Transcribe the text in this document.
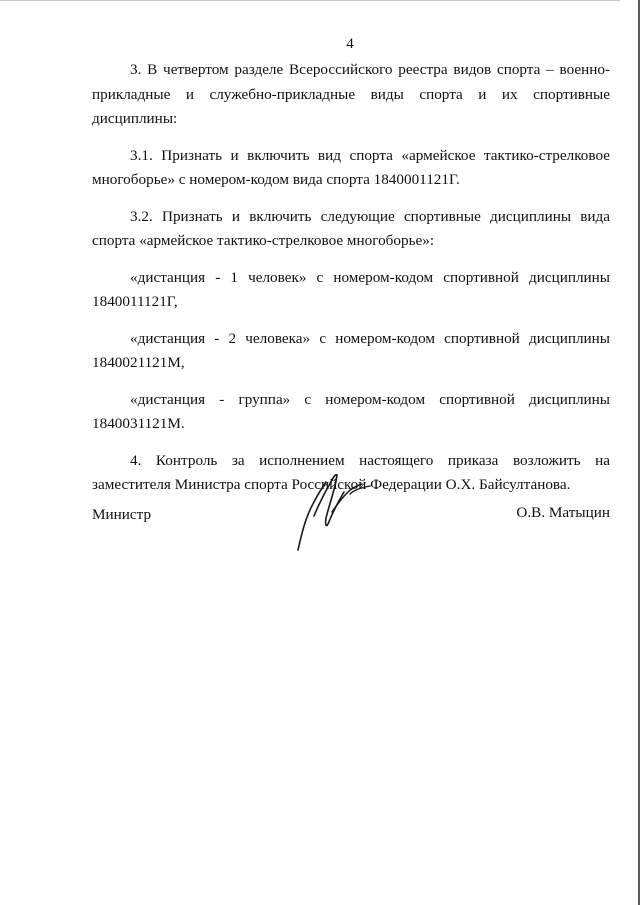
4

3. В четвертом разделе Всероссийского реестра видов спорта – военно-прикладные и служебно-прикладные виды спорта и их спортивные дисциплины:

3.1. Признать и включить вид спорта «армейское тактико-стрелковое многоборье» с номером-кодом вида спорта 1840001121Г.

3.2. Признать и включить следующие спортивные дисциплины вида спорта «армейское тактико-стрелковое многоборье»:

«дистанция - 1 человек» с номером-кодом спортивной дисциплины 1840011121Г,

«дистанция - 2 человека» с номером-кодом спортивной дисциплины 1840021121М,

«дистанция - группа» с номером-кодом спортивной дисциплины 1840031121М.

4. Контроль за исполнением настоящего приказа возложить на заместителя Министра спорта Российской Федерации О.Х. Байсултанова.

Министр	О.В. Матыцин
